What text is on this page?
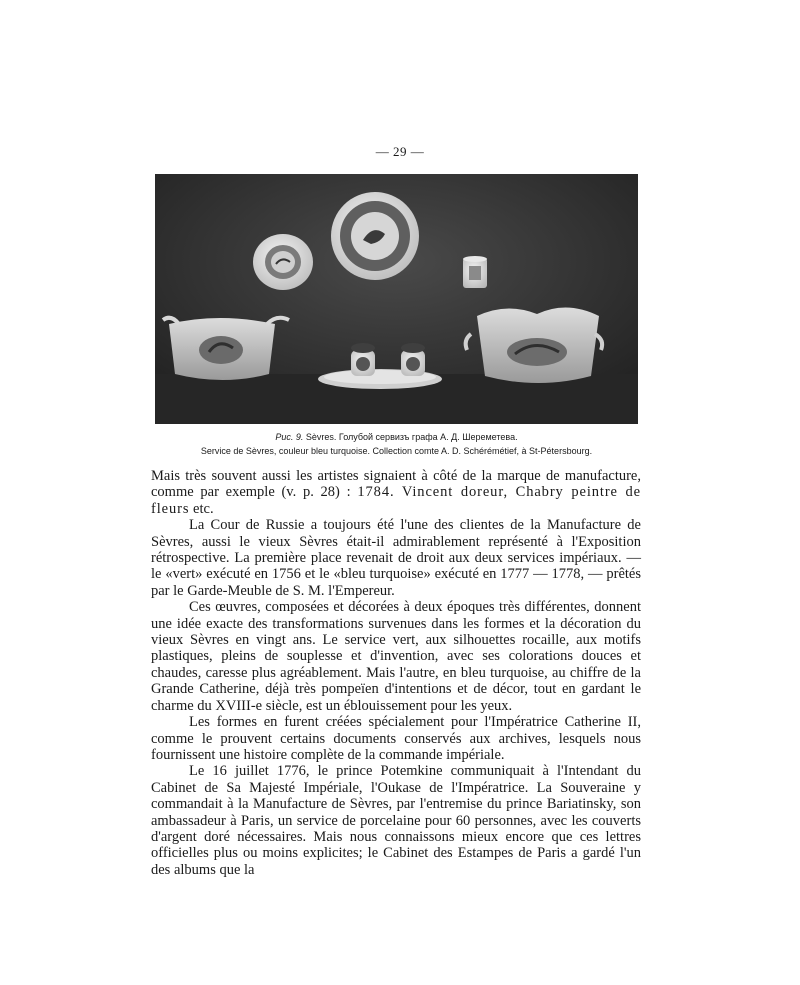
— 29 —
Рис. 9. Sèvres. Голубой сервизъ графа А. Д. Шереметева.
Service de Sèvres, couleur bleu turquoise. Collection comte A. D. Schérémétief, à St-Pétersbourg.

Mais très souvent aussi les artistes signaient à côté de la marque de manufacture, comme par exemple (v. p. 28) : 1784. Vincent doreur, Chabry peintre de fleurs etc.

La Cour de Russie a toujours été l'une des clientes de la Manufacture de Sèvres, aussi le vieux Sèvres était-il admirablement représenté à l'Exposition rétrospective. La première place revenait de droit aux deux services impériaux. — le «vert» exécuté en 1756 et le «bleu turquoise» exécuté en 1777 — 1778, — prêtés par le Garde-Meuble de S. M. l'Empereur.

Ces œuvres, composées et décorées à deux époques très différentes, donnent une idée exacte des transformations survenues dans les formes et la décoration du vieux Sèvres en vingt ans. Le service vert, aux silhouettes rocaille, aux motifs plastiques, pleins de souplesse et d'invention, avec ses colorations douces et chaudes, caresse plus agréablement. Mais l'autre, en bleu turquoise, au chiffre de la Grande Catherine, déjà très pompeïen d'intentions et de décor, tout en gardant le charme du XVIII-e siècle, est un éblouissement pour les yeux.

Les formes en furent créées spécialement pour l'Impératrice Catherine II, comme le prouvent certains documents conservés aux archives, lesquels nous fournissent une histoire complète de la commande impériale.

Le 16 juillet 1776, le prince Potemkine communiquait à l'Intendant du Cabinet de Sa Majesté Impériale, l'Oukase de l'Impératrice. La Souveraine y commandait à la Manufacture de Sèvres, par l'entremise du prince Bariatinsky, son ambassadeur à Paris, un service de porcelaine pour 60 personnes, avec les couverts d'argent doré nécessaires. Mais nous connaissons mieux encore que ces lettres officielles plus ou moins explicites; le Cabinet des Estampes de Paris a gardé l'un des albums que la
